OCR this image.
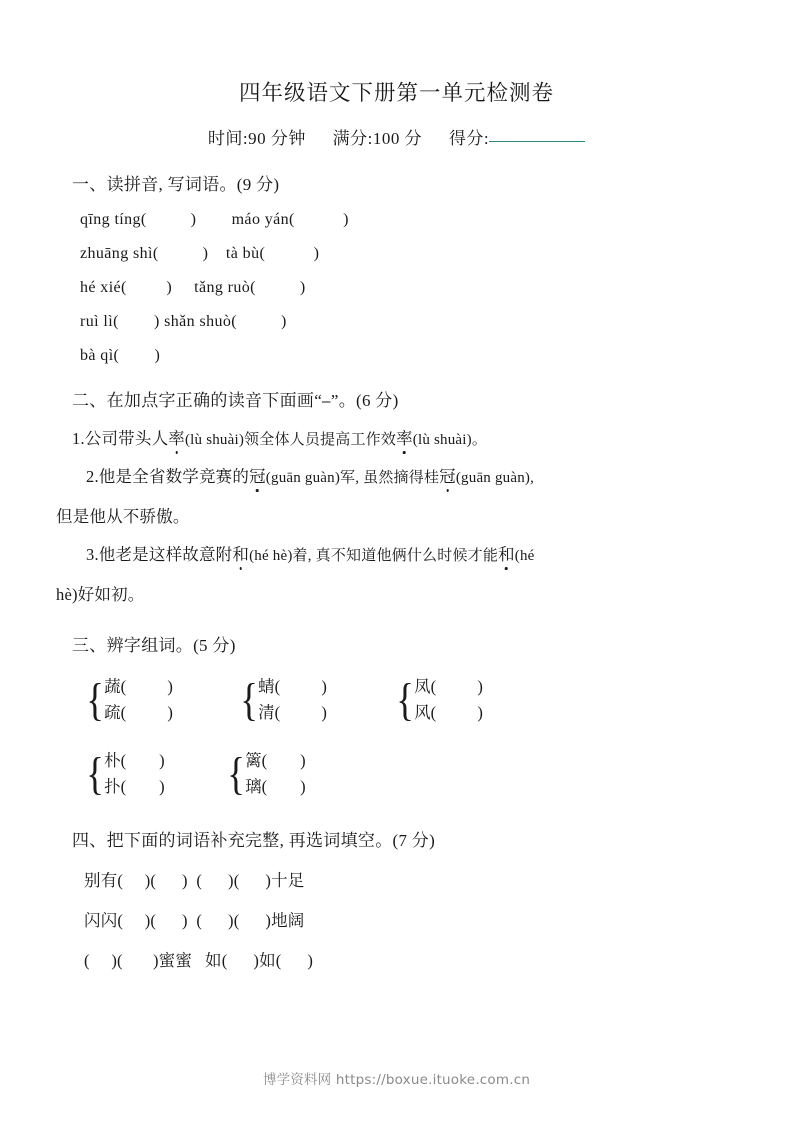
四年级语文下册第一单元检测卷
时间:90 分钟 满分:100 分 得分:
一、读拼音, 写词语。(9 分)
qīng tíng(          )        máo yán(           )
zhuāng shì(          )    tà bù(           )
hé xié(         )     tǎng ruò(          )
ruì lì(        ) shǎn shuò(          )
bà qì(        )
二、在加点字正确的读音下面画“⎯”。(6 分)
1.公司带头人率(lù shuài)领全体人员提高工作效率(lù shuài)。
2.他是全省数学竞赛的冠(guān guàn)军, 虽然摘得桂冠(guān guàn),
但是他从不骄傲。
3.他老是这样故意附和(hé hè)着, 真不知道他俩什么时候才能和(hé
hè)好如初。
三、辨字组词。(5 分)
{ 蔬(          )
疏(          ) { 蜻(          )
清(          ) { 凤(          )
风(          )
{ 朴(        )
扑(        ) { 篱(        )
璃(        )
四、把下面的词语补充完整, 再选词填空。(7 分)
别有(     )(      )  (      )(      )十足
闪闪(     )(      )  (      )(      )地阔
(     )(       )蜜蜜   如(      )如(      )
博学资料网 https://boxue.ituoke.com.cn
